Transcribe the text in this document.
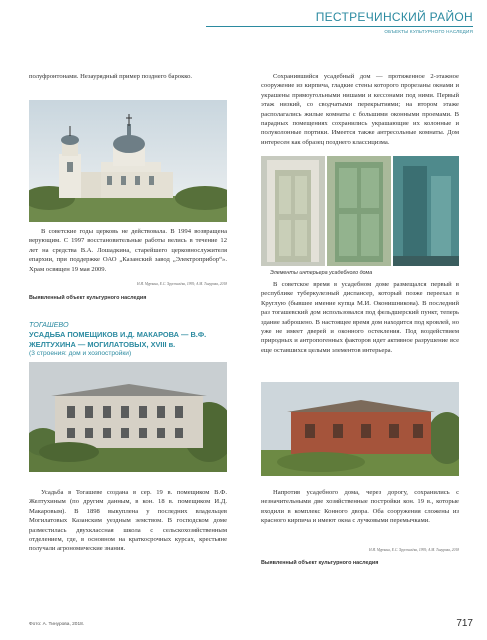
ПЕСТРЕЧИНСКИЙ РАЙОН
ОБЪЕКТЫ КУЛЬТУРНОГО НАСЛЕДИЯ
полуфронтонами. Незаурядный пример позднего барокко.
В советские годы церковь не действовала. В 1994 возвращена верующим. С 1997 восстановительные работы велись в течение 12 лет на средства В.А. Лошадкина, старейшего церковнослужителя епархии, при поддержке ОАО „Казанский завод „Электроприбор“». Храм освящен 19 мая 2009.
Н.И. Мурзина, Е.С. Хрусталёва, 1995; А.М. Тинурова, 2018
Выявленный объект культурного наследия
ТОГАШЕВО
УСАДЬБА ПОМЕЩИКОВ И.Д. МАКАРОВА — В.Ф. ЖЕЛТУХИНА — МОГИЛАТОВЫХ, XVIII в.
(3 строения: дом и хозпостройки)
Усадьба в Тогашеве создана в сер. 19 в. помещиком В.Ф. Желтухиным (по другим данным, в кон. 18 в. помещиком И.Д. Макаровым). В 1898 выкуплена у последних владельцев Могилатовых Казанским уездным земством. В господском доме разместилась двухклассная школа с сельскохозяйственным отделением, где, в основном на краткосрочных курсах, крестьяне получали агрономические знания.
Сохранившийся усадебный дом — протяженное 2-этажное сооружение из кирпича, гладкие стены которого прорезаны окнами и украшены прямоугольными нишами и кессонами под ними. Первый этаж низкий, со сводчатыми перекрытиями; на втором этаже располагались жилые комнаты с большими оконными проемами. В парадных помещениях сохранились украшающие их колонные и полуколонные портики. Имеется также антресольные комнаты. Дом интересен как образец позднего классицизма.
Элементы интерьера усадебного дома
В советское время в усадебном доме размещался первый в республике туберкулезный диспансер, который позже переехал в Круглую (бывшее имение купца М.И. Оконишникова). В последний раз тогашевский дом использовался под фельдшерский пункт, теперь здание заброшено. В настоящее время дом находится под кровлей, но уже не имеет дверей и оконного остекления. Под воздействием природных и антропогенных факторов идет активное разрушение все еще оставшихся целыми элементов интерьера.
Напротив усадебного дома, через дорогу, сохранились с незначительными две хозяйственные постройки кон. 19 в., которые входили в комплекс Конного двора. Оба сооружения сложены из красного кирпича и имеют окна с лучковыми перемычками.
Н.И. Мурзина, Е.С. Хрусталёва, 1995; А.М. Тинурова, 2018
Выявленный объект культурного наследия
Фото: А. Тинурова, 2018.	717
